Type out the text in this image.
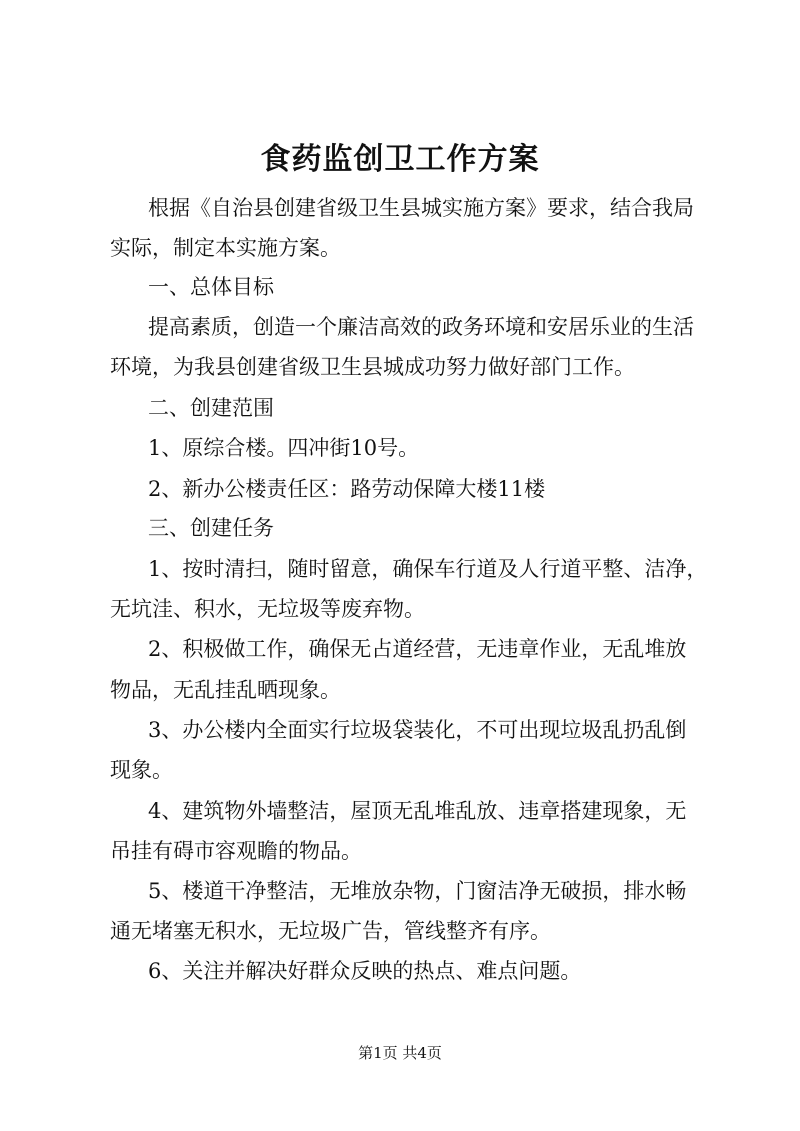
食药监创卫工作方案
根据《自治县创建省级卫生县城实施方案》要求，结合我局
实际，制定本实施方案。
一、总体目标
提高素质，创造一个廉洁高效的政务环境和安居乐业的生活
环境，为我县创建省级卫生县城成功努力做好部门工作。
二、创建范围
1、原综合楼。四冲街10号。
2、新办公楼责任区：路劳动保障大楼11楼
三、创建任务
1、按时清扫，随时留意，确保车行道及人行道平整、洁净，
无坑洼、积水，无垃圾等废弃物。
2、积极做工作，确保无占道经营，无违章作业，无乱堆放
物品，无乱挂乱晒现象。
3、办公楼内全面实行垃圾袋装化，不可出现垃圾乱扔乱倒
现象。
4、建筑物外墙整洁，屋顶无乱堆乱放、违章搭建现象，无
吊挂有碍市容观瞻的物品。
5、楼道干净整洁，无堆放杂物，门窗洁净无破损，排水畅
通无堵塞无积水，无垃圾广告，管线整齐有序。
6、关注并解决好群众反映的热点、难点问题。
第1页 共4页
